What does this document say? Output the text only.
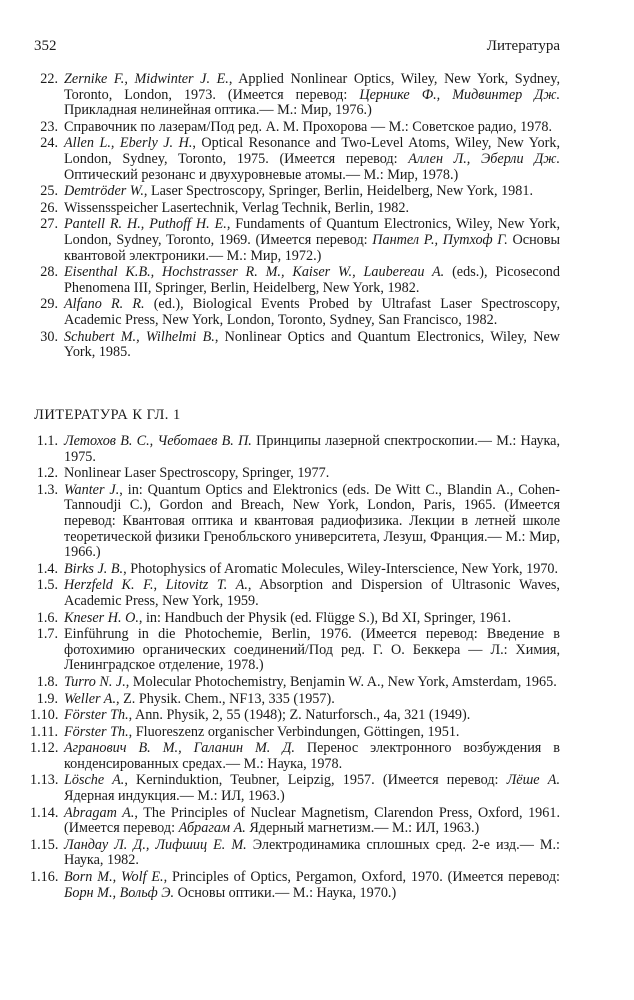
352	Литература
22. Zernike F., Midwinter J. E., Applied Nonlinear Optics, Wiley, New York, Sydney, Toronto, London, 1973. (Имеется перевод: Цернике Ф., Мидвинтер Дж. Прикладная нелинейная оптика.— М.: Мир, 1976.)
23. Справочник по лазерам/Под ред. А. М. Прохорова — М.: Советское радио, 1978.
24. Allen L., Eberly J. H., Optical Resonance and Two-Level Atoms, Wiley, New York, London, Sydney, Toronto, 1975. (Имеется перевод: Аллен Л., Эберли Дж. Оптический резонанс и двухуровневые атомы.— М.: Мир, 1978.)
25. Demtröder W., Laser Spectroscopy, Springer, Berlin, Heidelberg, New York, 1981.
26. Wissensspeicher Lasertechnik, Verlag Technik, Berlin, 1982.
27. Pantell R. H., Puthoff H. E., Fundaments of Quantum Electronics, Wiley, New York, London, Sydney, Toronto, 1969. (Имеется перевод: Пантел Р., Путхоф Г. Основы квантовой электроники.— М.: Мир, 1972.)
28. Eisenthal K.B., Hochstrasser R. M., Kaiser W., Laubereau A. (eds.), Picosecond Phenomena III, Springer, Berlin, Heidelberg, New York, 1982.
29. Alfano R. R. (ed.), Biological Events Probed by Ultrafast Laser Spectroscopy, Academic Press, New York, London, Toronto, Sydney, San Francisco, 1982.
30. Schubert M., Wilhelmi B., Nonlinear Optics and Quantum Electronics, Wiley, New York, 1985.
ЛИТЕРАТУРА К ГЛ. 1
1.1. Летохов В. С., Чеботаев В. П. Принципы лазерной спектроскопии.— М.: Наука, 1975.
1.2. Nonlinear Laser Spectroscopy, Springer, 1977.
1.3. Wanter J., in: Quantum Optics and Elektronics (eds. De Witt C., Blandin A., Cohen-Tannoudji C.), Gordon and Breach, New York, London, Paris, 1965. (Имеется перевод: Квантовая оптика и квантовая радиофизика. Лекции в летней школе теоретической физики Гренобльского университета, Лезуш, Франция.— М.: Мир, 1966.)
1.4. Birks J. B., Photophysics of Aromatic Molecules, Wiley-Interscience, New York, 1970.
1.5. Herzfeld K. F., Litovitz T. A., Absorption and Dispersion of Ultrasonic Waves, Academic Press, New York, 1959.
1.6. Kneser H. O., in: Handbuch der Physik (ed. Flügge S.), Bd XI, Springer, 1961.
1.7. Einführung in die Photochemie, Berlin, 1976. (Имеется перевод: Введение в фотохимию органических соединений/Под ред. Г. О. Беккера — Л.: Химия, Ленинградское отделение, 1978.)
1.8. Turro N. J., Molecular Photochemistry, Benjamin W. A., New York, Amsterdam, 1965.
1.9. Weller A., Z. Physik. Chem., NF13, 335 (1957).
1.10. Förster Th., Ann. Physik, 2, 55 (1948); Z. Naturforsch., 4a, 321 (1949).
1.11. Förster Th., Fluoreszenz organischer Verbindungen, Göttingen, 1951.
1.12. Агранович В. М., Галанин М. Д. Перенос электронного возбуждения в конденсированных средах.— М.: Наука, 1978.
1.13. Lösche A., Kerninduktion, Teubner, Leipzig, 1957. (Имеется перевод: Лёше А. Ядерная индукция.— М.: ИЛ, 1963.)
1.14. Abragam A., The Principles of Nuclear Magnetism, Clarendon Press, Oxford, 1961. (Имеется перевод: Абрагам А. Ядерный магнетизм.— М.: ИЛ, 1963.)
1.15. Ландау Л. Д., Лифшиц Е. М. Электродинамика сплошных сред. 2-е изд.— М.: Наука, 1982.
1.16. Born M., Wolf E., Principles of Optics, Pergamon, Oxford, 1970. (Имеется перевод: Борн М., Вольф Э. Основы оптики.— М.: Наука, 1970.)
